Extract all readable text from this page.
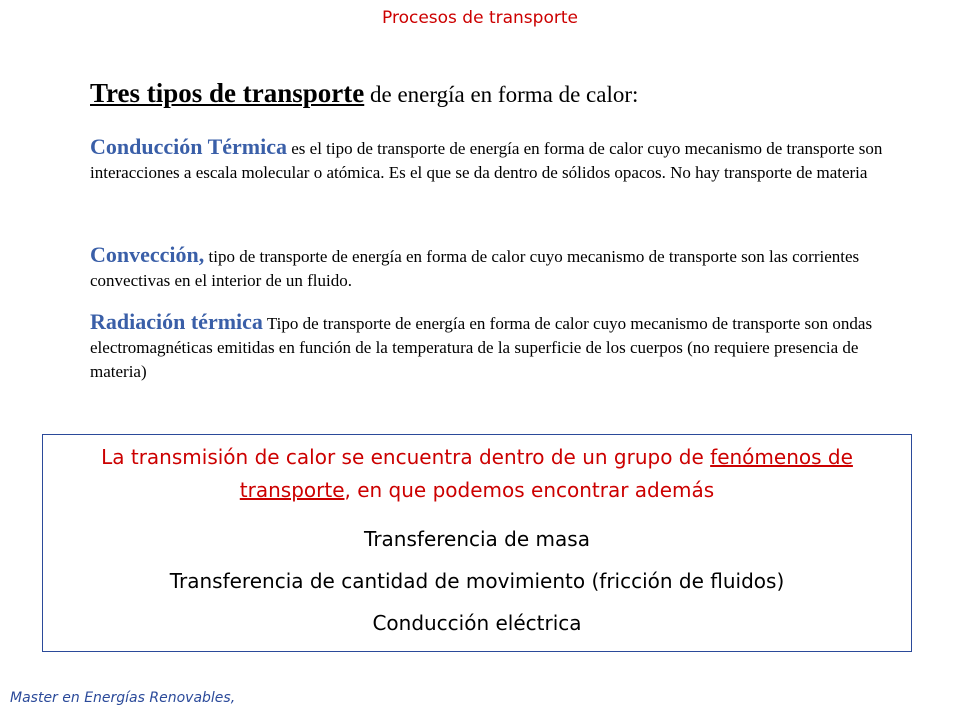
Procesos de transporte
Tres tipos de transporte de energía en forma de calor:
Conducción Térmica es el tipo de transporte de energía en forma de calor cuyo mecanismo de transporte son interacciones a escala molecular o atómica. Es el que se da dentro de sólidos opacos. No hay transporte de materia
Convección, tipo de transporte de energía en forma de calor cuyo mecanismo de transporte son las corrientes convectivas en el interior de un fluido.
Radiación térmica Tipo de transporte de energía en forma de calor cuyo mecanismo de transporte son ondas electromagnéticas emitidas en función de la temperatura de la superficie de los cuerpos (no requiere presencia de materia)
La transmisión de calor se encuentra dentro de un grupo de fenómenos de transporte, en que podemos encontrar además
Transferencia de masa
Transferencia de cantidad de movimiento (fricción de fluidos)
Conducción eléctrica
Master en Energías Renovables,
